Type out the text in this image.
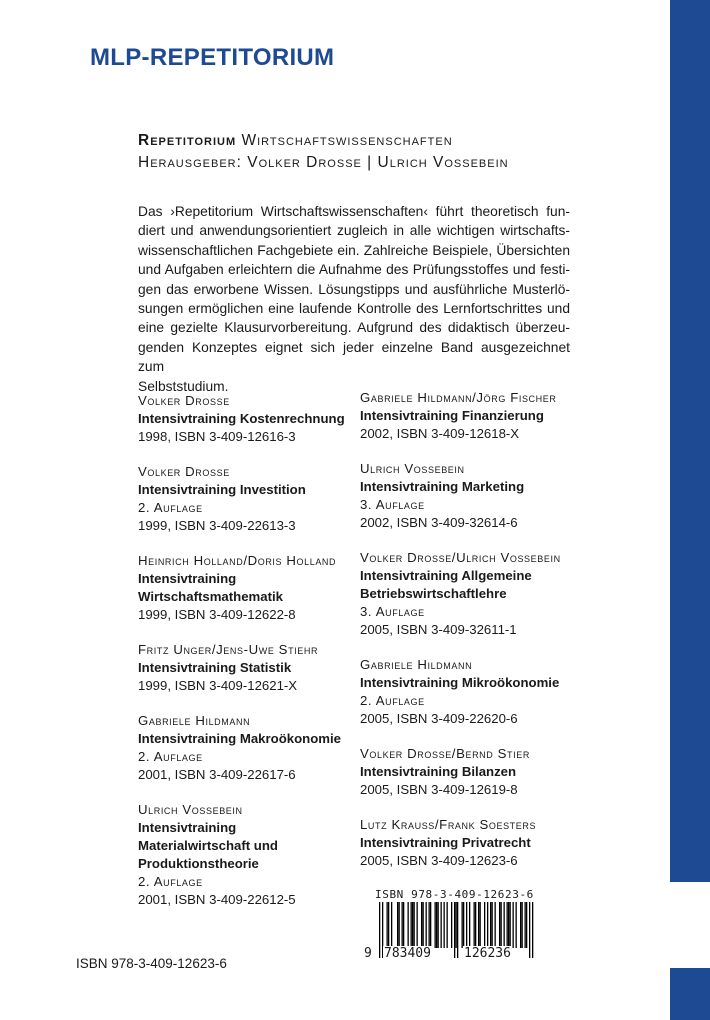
MLP-REPETITORIUM
Repetitorium Wirtschaftswissenschaften
Herausgeber: Volker Drosse | Ulrich Vossebein
Das ›Repetitorium Wirtschaftswissenschaften‹ führt theoretisch fun-
diert und anwendungsorientiert zugleich in alle wichtigen wirtschafts-
wissenschaftlichen Fachgebiete ein. Zahlreiche Beispiele, Übersichten
und Aufgaben erleichtern die Aufnahme des Prüfungsstoffes und festi-
gen das erworbene Wissen. Lösungstipps und ausführliche Musterlö-
sungen ermöglichen eine laufende Kontrolle des Lernfortschrittes und
eine gezielte Klausurvorbereitung. Aufgrund des didaktisch überzeu-
genden Konzeptes eignet sich jeder einzelne Band ausgezeichnet zum
Selbststudium.
Volker Drosse
Intensivtraining Kostenrechnung
1998, ISBN 3-409-12616-3
Volker Drosse
Intensivtraining Investition
2. Auflage
1999, ISBN 3-409-22613-3
Heinrich Holland/Doris Holland
Intensivtraining
Wirtschaftsmathematik
1999, ISBN 3-409-12622-8
Fritz Unger/Jens-Uwe Stiehr
Intensivtraining Statistik
1999, ISBN 3-409-12621-X
Gabriele Hildmann
Intensivtraining Makroökonomie
2. Auflage
2001, ISBN 3-409-22617-6
Ulrich Vossebein
Intensivtraining
Materialwirtschaft und
Produktionstheorie
2. Auflage
2001, ISBN 3-409-22612-5
Gabriele Hildmann/Jörg Fischer
Intensivtraining Finanzierung
2002, ISBN 3-409-12618-X
Ulrich Vossebein
Intensivtraining Marketing
3. Auflage
2002, ISBN 3-409-32614-6
Volker Drosse/Ulrich Vossebein
Intensivtraining Allgemeine
Betriebswirtschaftlehre
3. Auflage
2005, ISBN 3-409-32611-1
Gabriele Hildmann
Intensivtraining Mikroökonomie
2. Auflage
2005, ISBN 3-409-22620-6
Volker Drosse/Bernd Stier
Intensivtraining Bilanzen
2005, ISBN 3-409-12619-8
Lutz Krauss/Frank Soesters
Intensivtraining Privatrecht
2005, ISBN 3-409-12623-6
ISBN 978-3-409-12623-6
9 783409	126236
ISBN 978-3-409-12623-6
